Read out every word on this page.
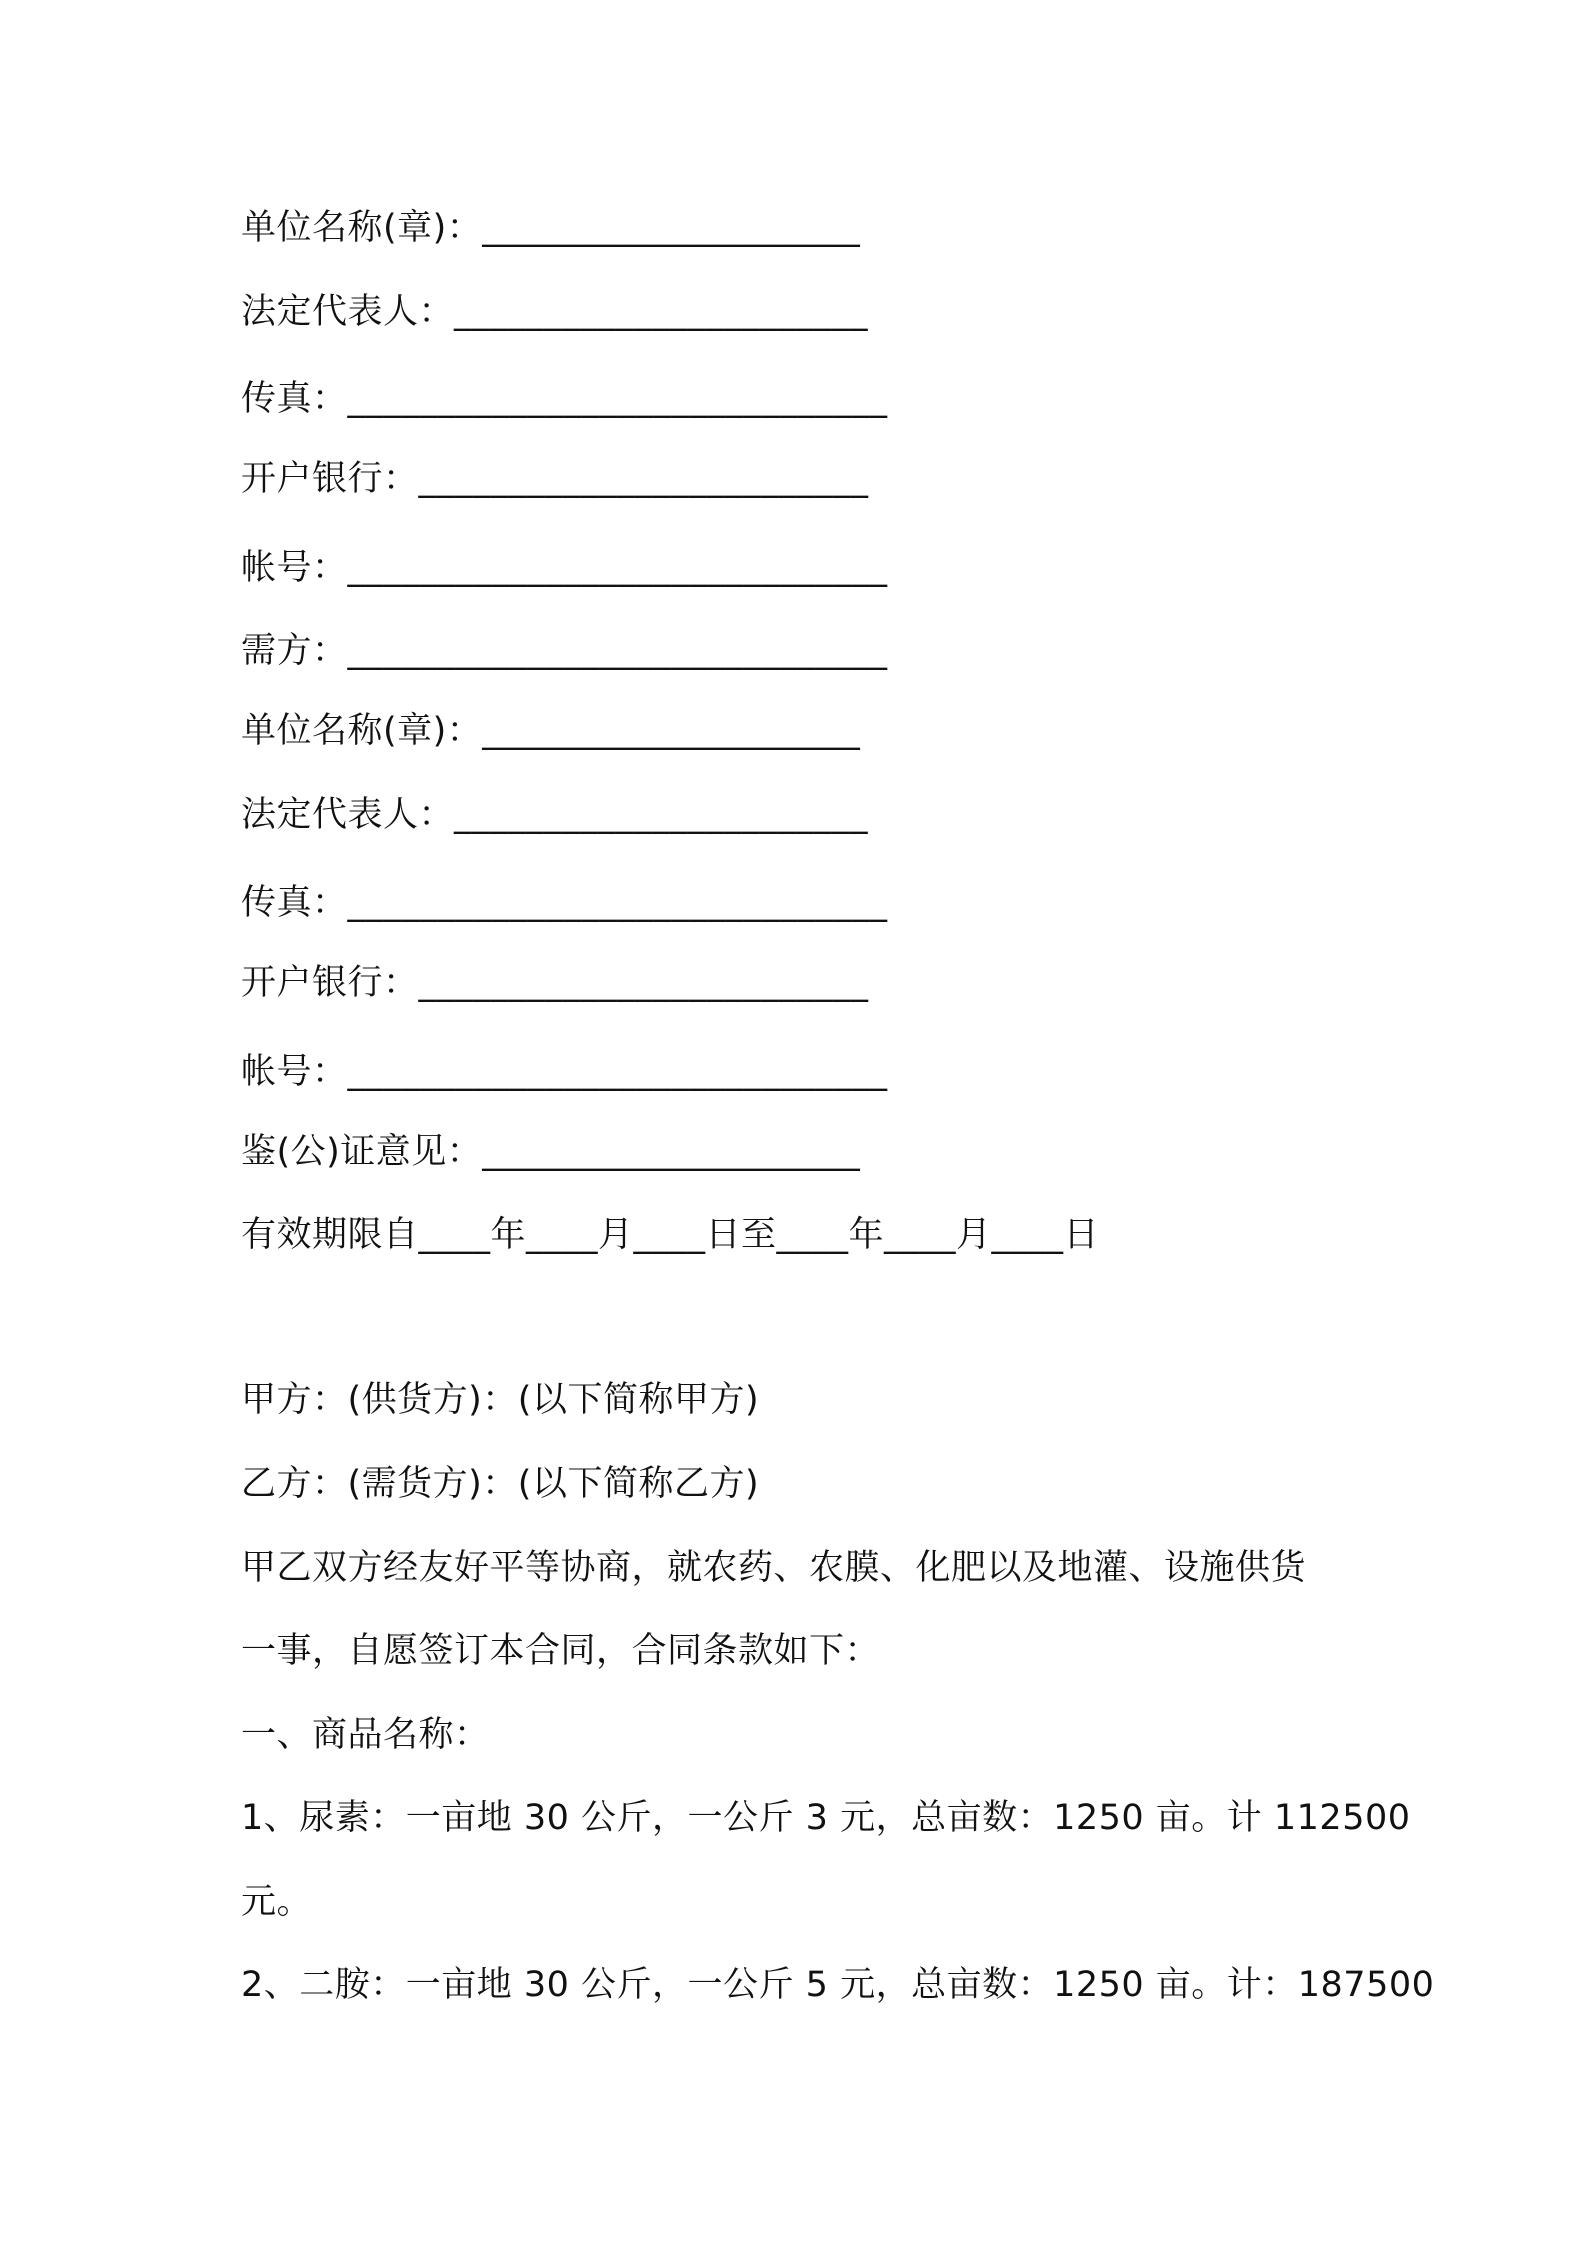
单位名称(章)：_____________________
法定代表人：_______________________
传真：______________________________
开户银行：_________________________
帐号：______________________________
需方：______________________________
单位名称(章)：_____________________
法定代表人：_______________________
传真：______________________________
开户银行：_________________________
帐号：______________________________
鉴(公)证意见：_____________________
有效期限自____年____月____日至____年____月____日
甲方：(供货方)：(以下简称甲方)
乙方：(需货方)：(以下简称乙方)
甲乙双方经友好平等协商，就农药、农膜、化肥以及地灌、设施供货
一事，自愿签订本合同，合同条款如下：
一、商品名称：
1、尿素：一亩地 30 公斤，一公斤 3 元，总亩数：1250 亩。计 112500
元。
2、二胺：一亩地 30 公斤，一公斤 5 元，总亩数：1250 亩。计：187500
